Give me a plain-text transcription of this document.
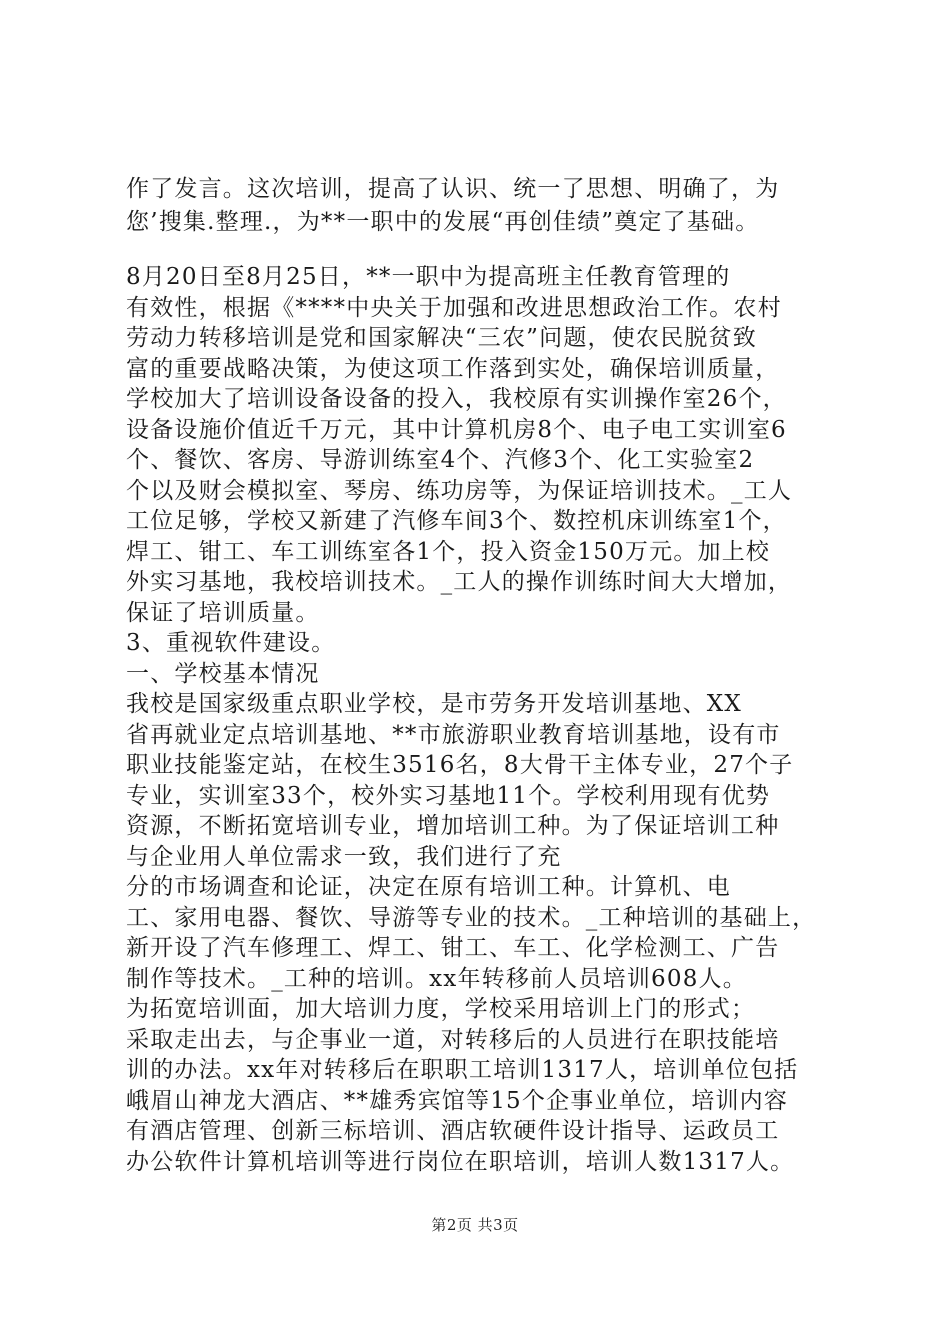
作了发言。这次培训，提高了认识、统一了思想、明确了，为
您’搜集.整理.，为**一职中的发展“再创佳绩”奠定了基础。
8月20日至8月25日，**一职中为提高班主任教育管理的
有效性，根据《****中央关于加强和改进思想政治工作。农村
劳动力转移培训是党和国家解决“三农”问题，使农民脱贫致
富的重要战略决策，为使这项工作落到实处，确保培训质量，
学校加大了培训设备设备的投入，我校原有实训操作室26个，
设备设施价值近千万元，其中计算机房8个、电子电工实训室6
个、餐饮、客房、导游训练室4个、汽修3个、化工实验室2
个以及财会模拟室、琴房、练功房等，为保证培训技术。_工人
工位足够，学校又新建了汽修车间3个、数控机床训练室1个，
焊工、钳工、车工训练室各1个，投入资金150万元。加上校
外实习基地，我校培训技术。_工人的操作训练时间大大增加，
保证了培训质量。
3、重视软件建设。
一、学校基本情况
我校是国家级重点职业学校，是市劳务开发培训基地、XX
省再就业定点培训基地、**市旅游职业教育培训基地，设有市
职业技能鉴定站，在校生3516名，8大骨干主体专业，27个子
专业，实训室33个，校外实习基地11个。学校利用现有优势
资源，不断拓宽培训专业，增加培训工种。为了保证培训工种
与企业用人单位需求一致，我们进行了充
分的市场调查和论证，决定在原有培训工种。计算机、电
工、家用电器、餐饮、导游等专业的技术。_工种培训的基础上，
新开设了汽车修理工、焊工、钳工、车工、化学检测工、广告
制作等技术。_工种的培训。xx年转移前人员培训608人。
为拓宽培训面，加大培训力度，学校采用培训上门的形式；
采取走出去，与企事业一道，对转移后的人员进行在职技能培
训的办法。xx年对转移后在职职工培训1317人，培训单位包括
峨眉山神龙大酒店、**雄秀宾馆等15个企事业单位，培训内容
有酒店管理、创新三标培训、酒店软硬件设计指导、运政员工
办公软件计算机培训等进行岗位在职培训，培训人数1317人。
第2页 共3页
